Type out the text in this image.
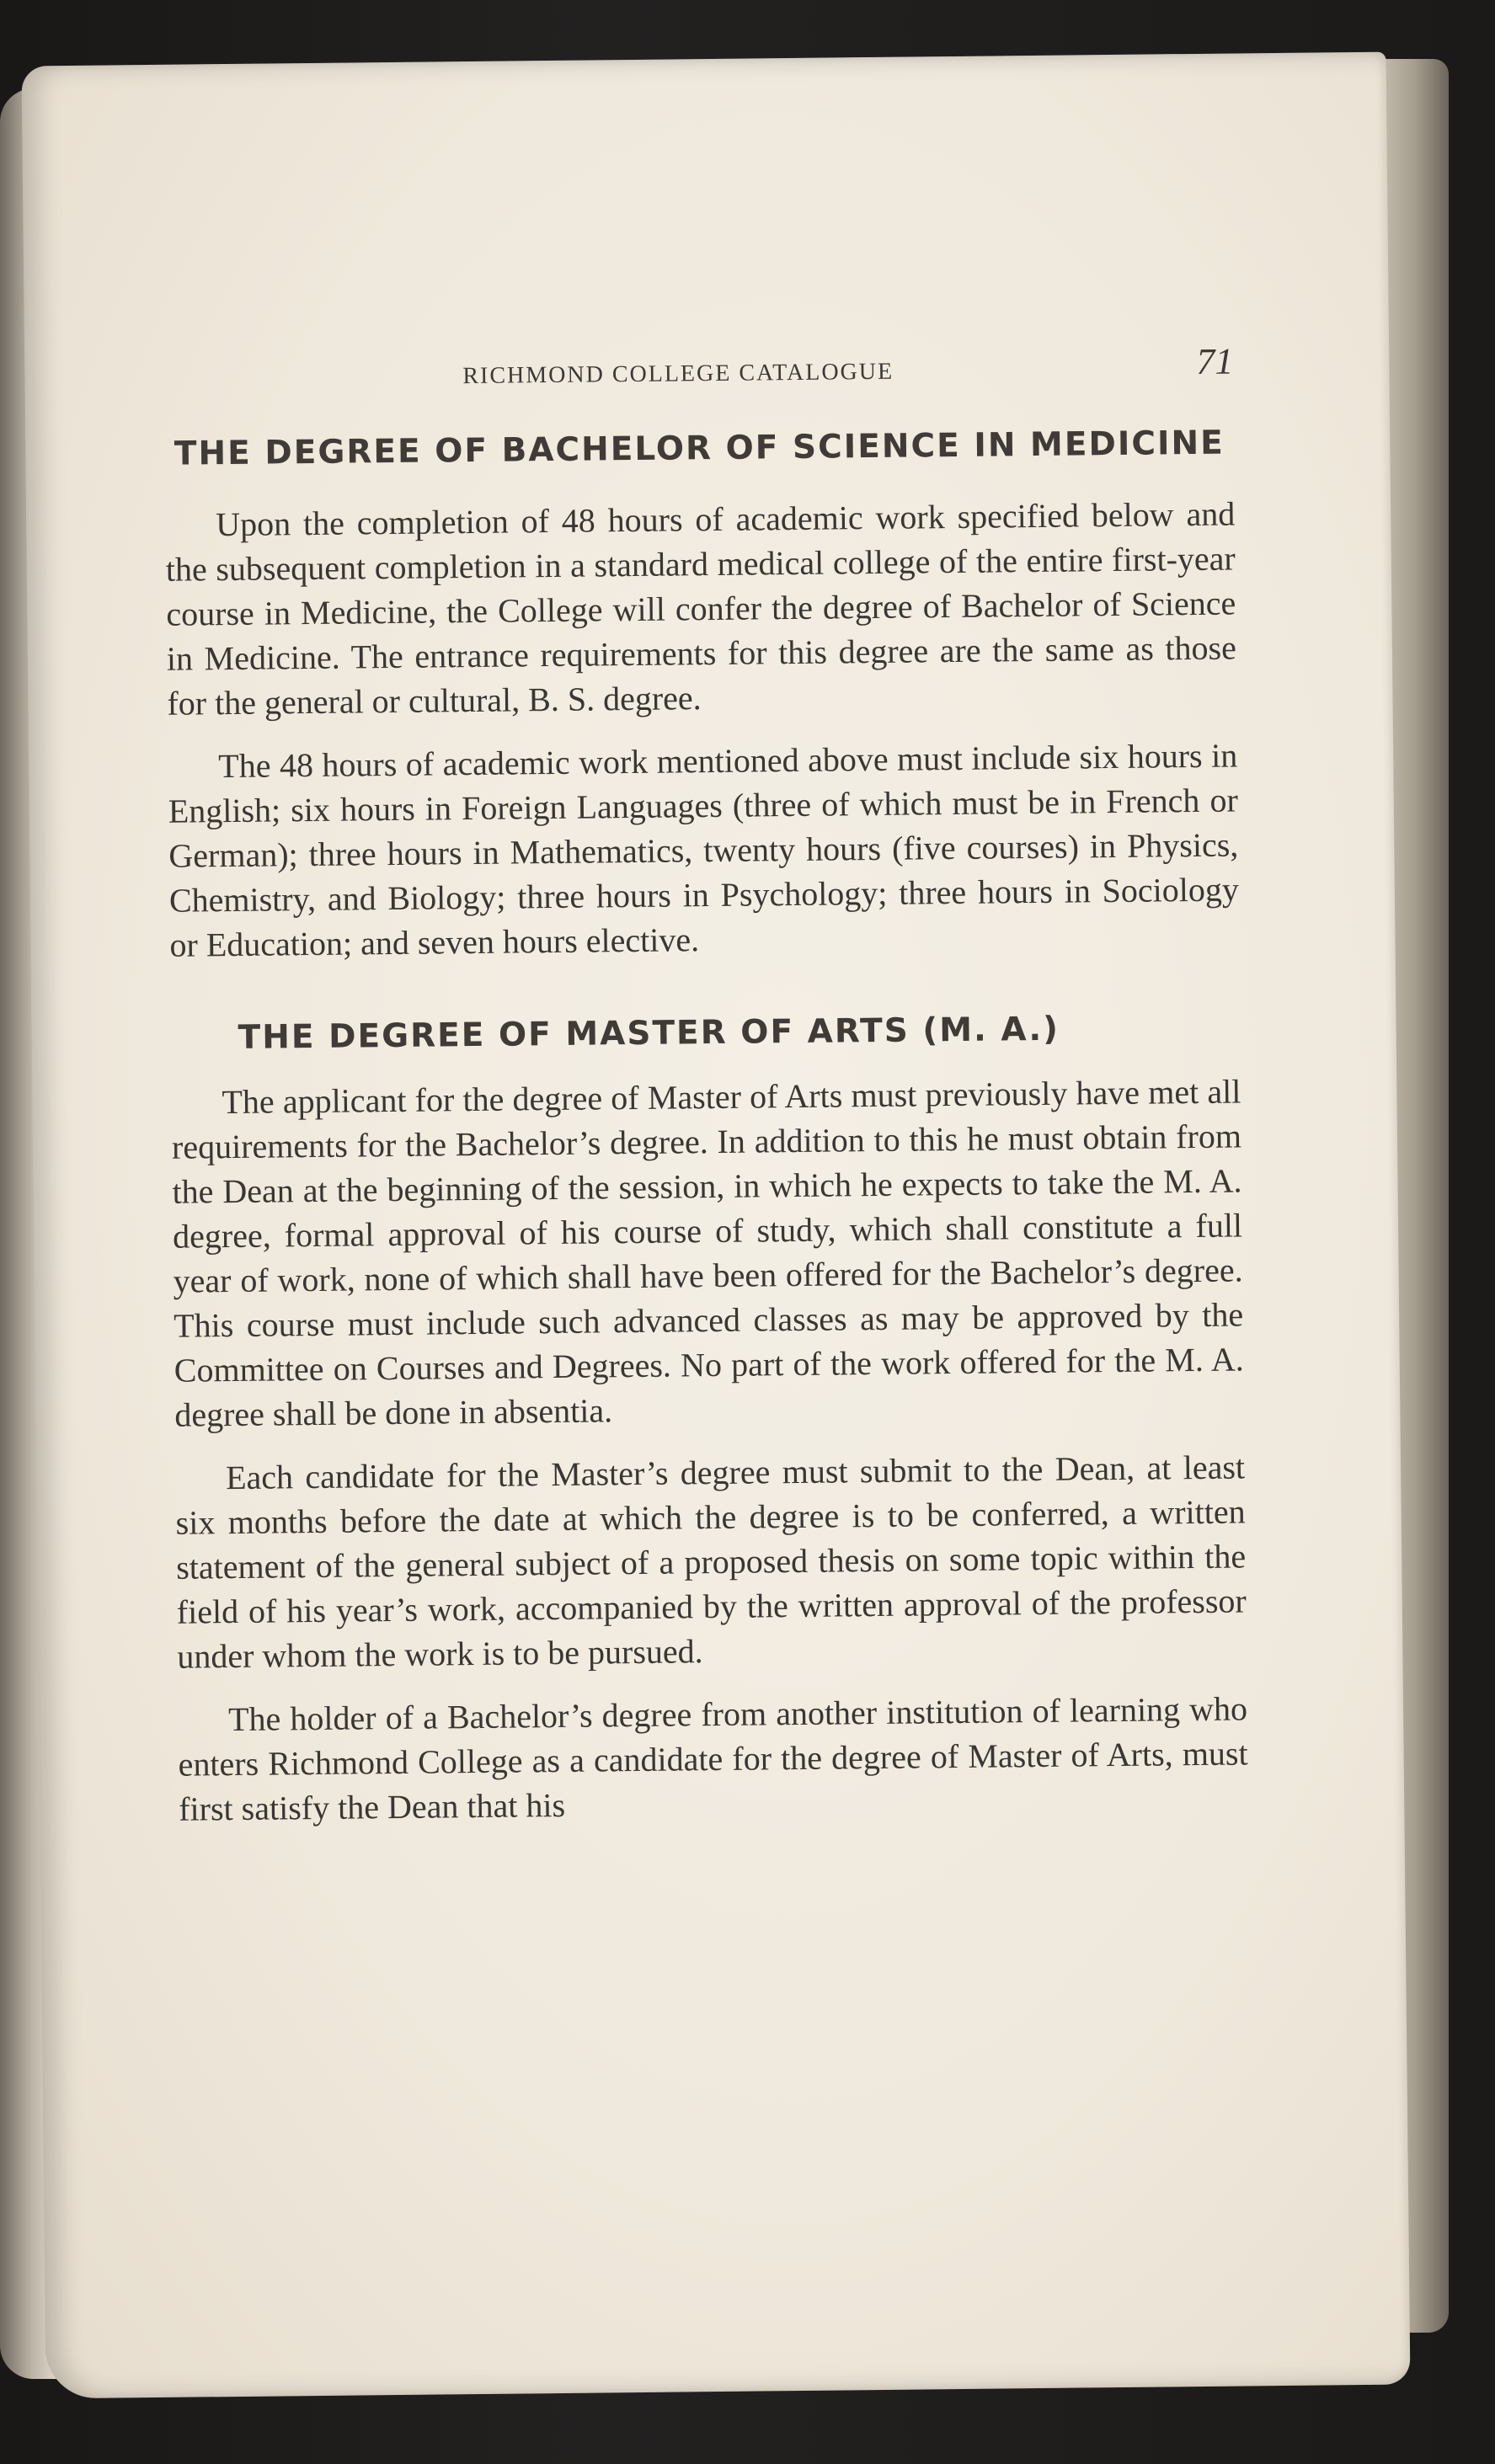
RICHMOND COLLEGE CATALOGUE	71
THE DEGREE OF BACHELOR OF SCIENCE IN MEDICINE

Upon the completion of 48 hours of academic work specified below and the subsequent completion in a standard medical college of the entire first-year course in Medicine, the College will confer the degree of Bachelor of Science in Medicine. The entrance requirements for this degree are the same as those for the general or cultural, B. S. degree.

The 48 hours of academic work mentioned above must include six hours in English; six hours in Foreign Languages (three of which must be in French or German); three hours in Mathematics, twenty hours (five courses) in Physics, Chemistry, and Biology; three hours in Psychology; three hours in Sociology or Education; and seven hours elective.

THE DEGREE OF MASTER OF ARTS (M. A.)

The applicant for the degree of Master of Arts must previously have met all requirements for the Bachelor’s degree. In addition to this he must obtain from the Dean at the beginning of the session, in which he expects to take the M. A. degree, formal approval of his course of study, which shall constitute a full year of work, none of which shall have been offered for the Bachelor’s degree. This course must include such advanced classes as may be approved by the Committee on Courses and Degrees. No part of the work offered for the M. A. degree shall be done in absentia.

Each candidate for the Master’s degree must submit to the Dean, at least six months before the date at which the degree is to be conferred, a written statement of the general subject of a proposed thesis on some topic within the field of his year’s work, accompanied by the written approval of the professor under whom the work is to be pursued.

The holder of a Bachelor’s degree from another institution of learning who enters Richmond College as a candidate for the degree of Master of Arts, must first satisfy the Dean that his
